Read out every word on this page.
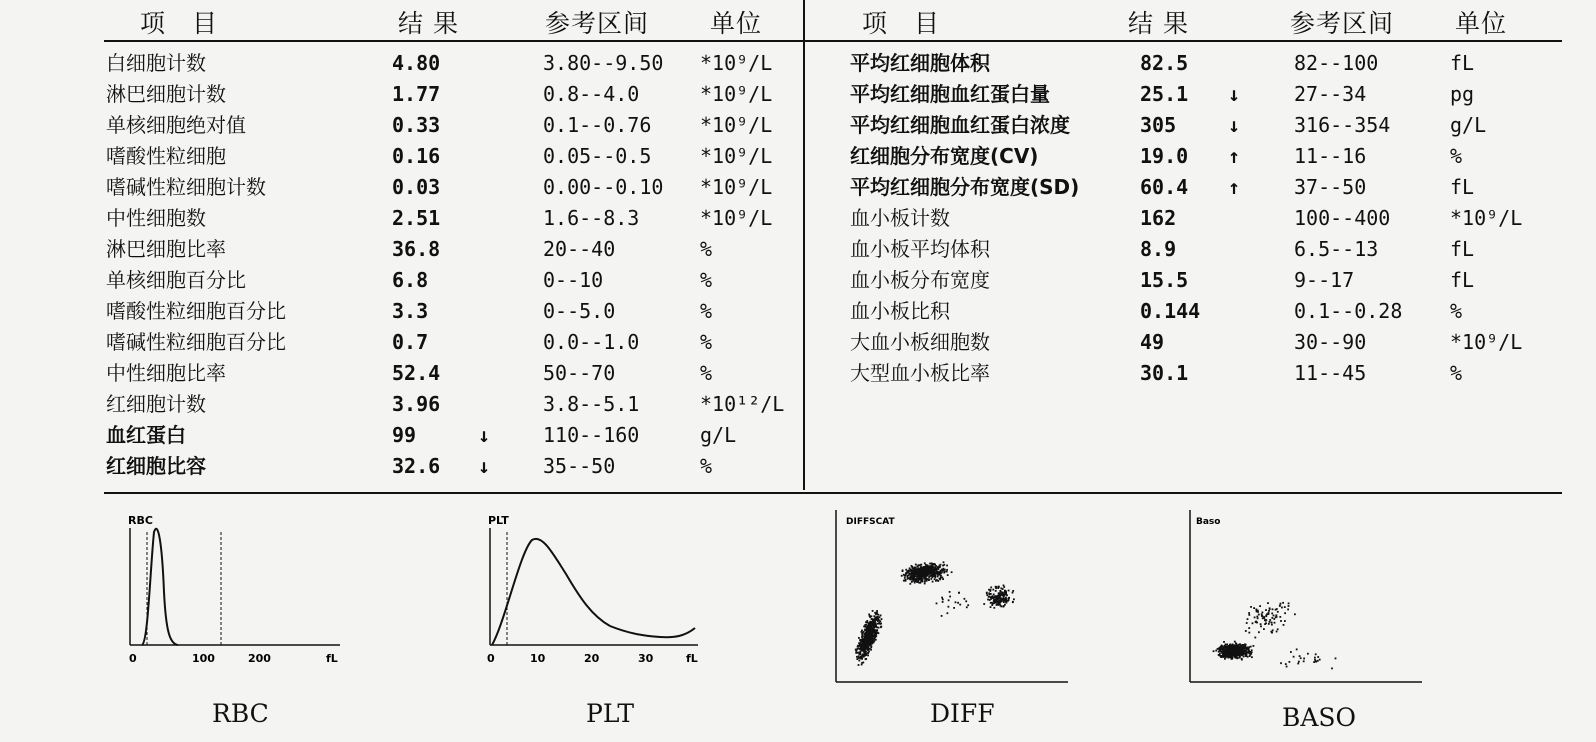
项　目	结 果	参考区间 单位	项　目	结 果	参考区间 单位
白细胞计数	4.80	3.80--9.50 *10⁹/L
淋巴细胞计数	1.77	0.8--4.0	*10⁹/L
单核细胞绝对值	0.33	0.1--0.76 *10⁹/L
嗜酸性粒细胞	0.16	0.05--0.5 *10⁹/L
嗜碱性粒细胞计数	0.03	0.00--0.10 *10⁹/L
中性细胞数	2.51	1.6--8.3	*10⁹/L
淋巴细胞比率	36.8	20--40	%
单核细胞百分比	6.8	0--10	%
嗜酸性粒细胞百分比	3.3	0--5.0	%
嗜碱性粒细胞百分比	0.7	0.0--1.0	%
中性细胞比率	52.4	50--70	%
红细胞计数	3.96	3.8--5.1	*10¹²/L
血红蛋白	99	↓	110--160	g/L
红细胞比容	32.6 ↓	35--50	%
平均红细胞体积	82.5	82--100	fL
平均红细胞血红蛋白量	25.1 ↓	27--34	pg
平均红细胞血红蛋白浓度	305	↓	316--354	g/L
红细胞分布宽度(CV)	19.0 ↑	11--16	%
平均红细胞分布宽度(SD)	60.4 ↑	37--50	fL
血小板计数	162	100--400	*10⁹/L
血小板平均体积	8.9	6.5--13	fL
血小板分布宽度	15.5	9--17	fL
血小板比积	0.144	0.1--0.28 %
大血小板细胞数	49	30--90	*10⁹/L
大型血小板比率	30.1	11--45	%
RBC
0	100	200	fL
PLT
0	10	20	30	fL
DIFFSCAT	Baso
RBC	PLT	DIFF	BASO
